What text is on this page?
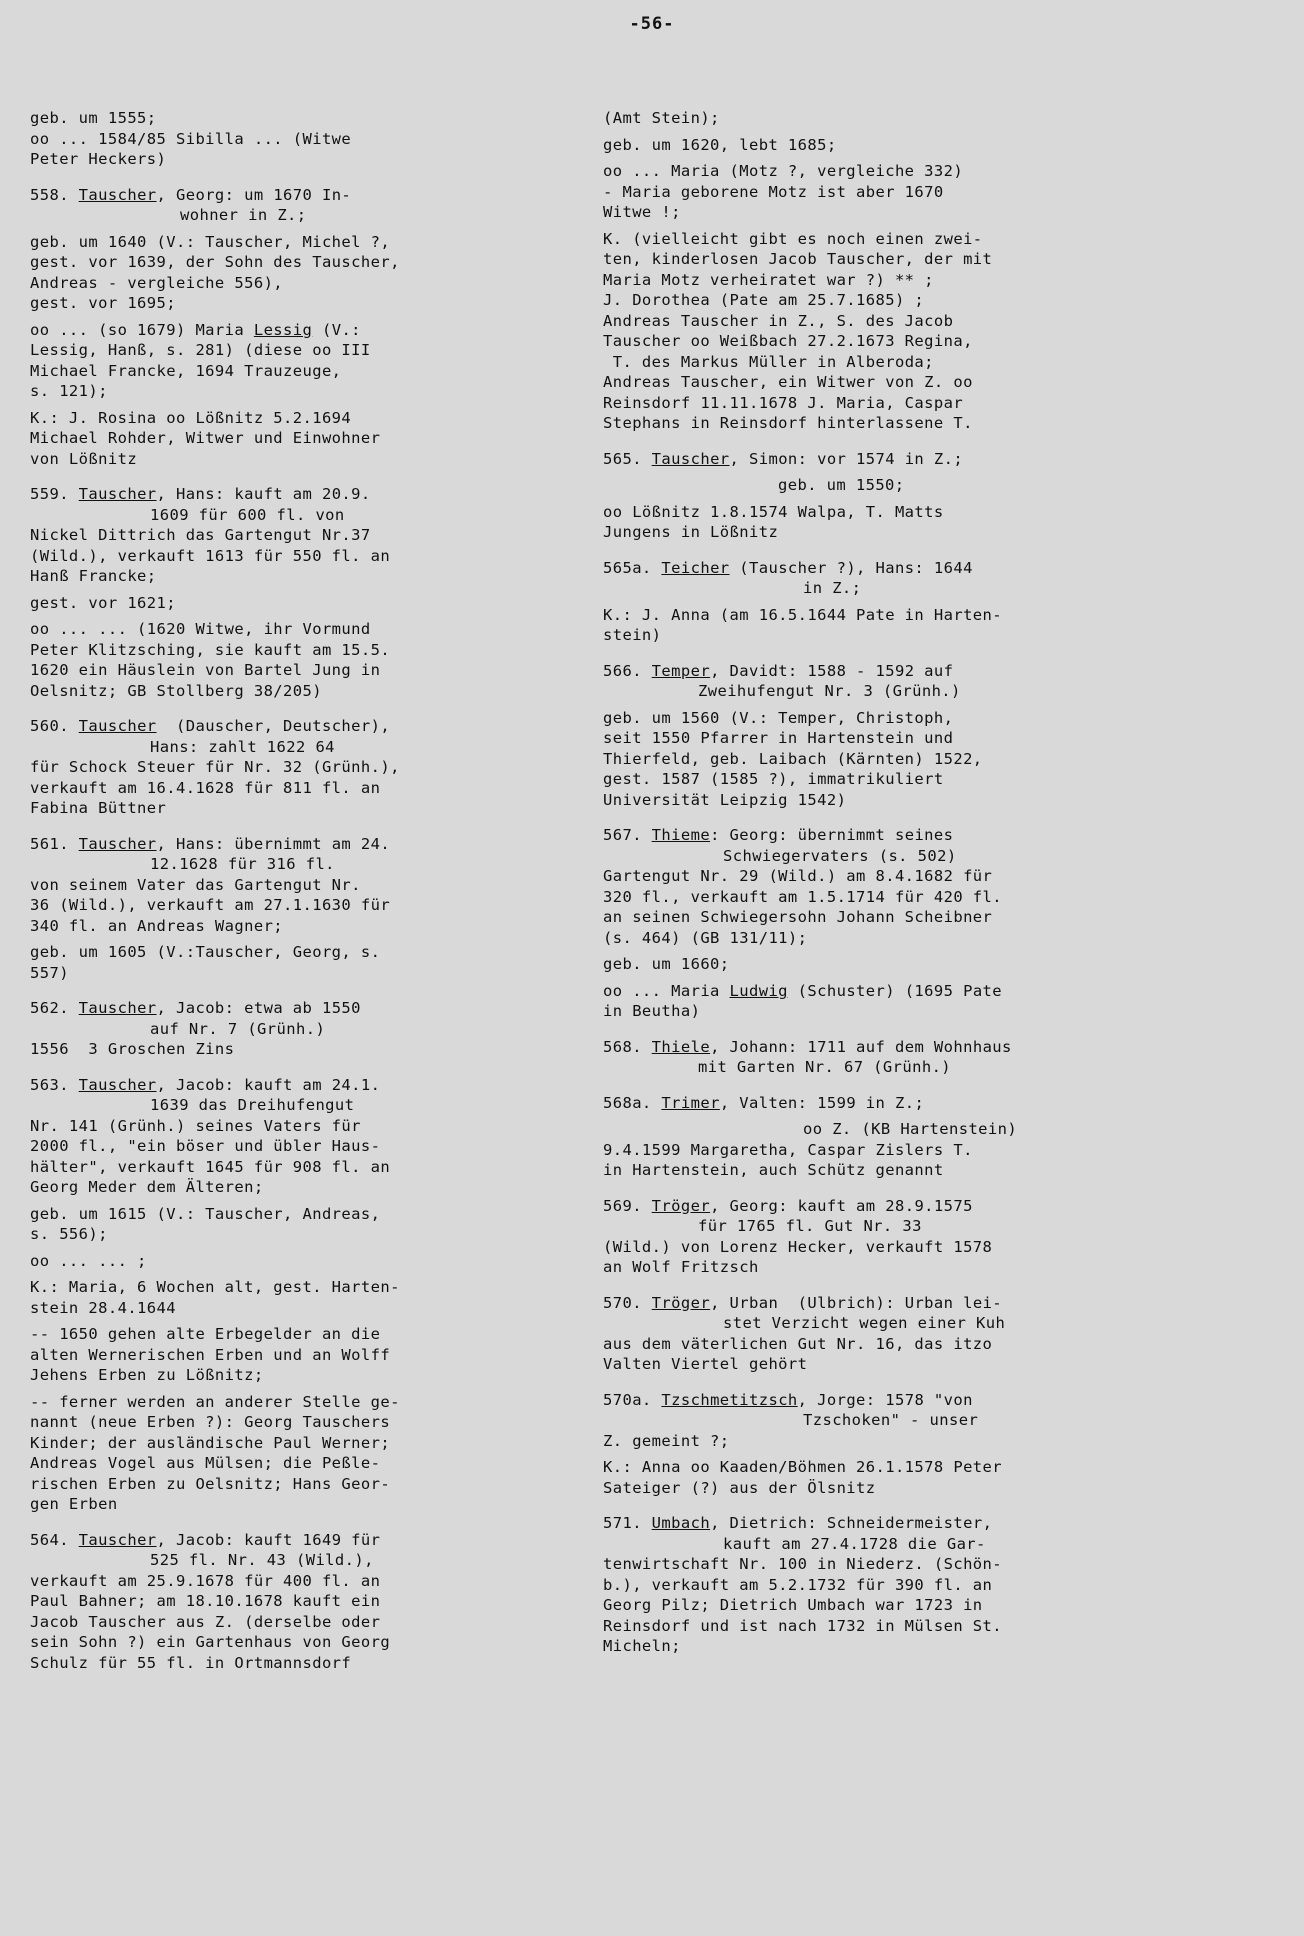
-56-
geb. um 1555;
oo ... 1584/85 Sibilla ... (Witwe
Peter Heckers)
558. Tauscher, Georg: um 1670 In-
wohner in Z.;
geb. um 1640 (V.: Tauscher, Michel ?,
gest. vor 1639, der Sohn des Tauscher,
Andreas - vergleiche 556),
gest. vor 1695;
oo ... (so 1679) Maria Lessig (V.:
Lessig, Hanß, s. 281) (diese oo III
Michael Francke, 1694 Trauzeuge,
s. 121);
K.: J. Rosina oo Lößnitz 5.2.1694
Michael Rohder, Witwer und Einwohner
von Lößnitz
559. Tauscher, Hans: kauft am 20.9.
1609 für 600 fl. von
Nickel Dittrich das Gartengut Nr.37
(Wild.), verkauft 1613 für 550 fl. an
Hanß Francke;
gest. vor 1621;
oo ... ... (1620 Witwe, ihr Vormund
Peter Klitzsching, sie kauft am 15.5.
1620 ein Häuslein von Bartel Jung in
Oelsnitz; GB Stollberg 38/205)
560. Tauscher  (Dauscher, Deutscher),
Hans: zahlt 1622 64
für Schock Steuer für Nr. 32 (Grünh.),
verkauft am 16.4.1628 für 811 fl. an
Fabina Büttner
561. Tauscher, Hans: übernimmt am 24.
12.1628 für 316 fl.
von seinem Vater das Gartengut Nr.
36 (Wild.), verkauft am 27.1.1630 für
340 fl. an Andreas Wagner;
geb. um 1605 (V.:Tauscher, Georg, s.
557)
562. Tauscher, Jacob: etwa ab 1550
auf Nr. 7 (Grünh.)
1556  3 Groschen Zins
563. Tauscher, Jacob: kauft am 24.1.
1639 das Dreihufengut
Nr. 141 (Grünh.) seines Vaters für
2000 fl., "ein böser und übler Haus-
hälter", verkauft 1645 für 908 fl. an
Georg Meder dem Älteren;
geb. um 1615 (V.: Tauscher, Andreas,
s. 556);
oo ... ... ;
K.: Maria, 6 Wochen alt, gest. Harten-
stein 28.4.1644
-- 1650 gehen alte Erbegelder an die
alten Wernerischen Erben und an Wolff
Jehens Erben zu Lößnitz;
-- ferner werden an anderer Stelle ge-
nannt (neue Erben ?): Georg Tauschers
Kinder; der ausländische Paul Werner;
Andreas Vogel aus Mülsen; die Peßle-
rischen Erben zu Oelsnitz; Hans Geor-
gen Erben
564. Tauscher, Jacob: kauft 1649 für
525 fl. Nr. 43 (Wild.),
verkauft am 25.9.1678 für 400 fl. an
Paul Bahner; am 18.10.1678 kauft ein
Jacob Tauscher aus Z. (derselbe oder
sein Sohn ?) ein Gartenhaus von Georg
Schulz für 55 fl. in Ortmannsdorf
(Amt Stein);
geb. um 1620, lebt 1685;
oo ... Maria (Motz ?, vergleiche 332)
- Maria geborene Motz ist aber 1670
Witwe !;
K. (vielleicht gibt es noch einen zwei-
ten, kinderlosen Jacob Tauscher, der mit
Maria Motz verheiratet war ?) ** ;
J. Dorothea (Pate am 25.7.1685) ;
Andreas Tauscher in Z., S. des Jacob
Tauscher oo Weißbach 27.2.1673 Regina,
T. des Markus Müller in Alberoda;
Andreas Tauscher, ein Witwer von Z. oo
Reinsdorf 11.11.1678 J. Maria, Caspar
Stephans in Reinsdorf hinterlassene T.
565. Tauscher, Simon: vor 1574 in Z.;
geb. um 1550;
oo Lößnitz 1.8.1574 Walpa, T. Matts
Jungens in Lößnitz
565a. Teicher (Tauscher ?), Hans: 1644
in Z.;
K.: J. Anna (am 16.5.1644 Pate in Harten-
stein)
566. Temper, Davidt: 1588 - 1592 auf
Zweihufengut Nr. 3 (Grünh.)
geb. um 1560 (V.: Temper, Christoph,
seit 1550 Pfarrer in Hartenstein und
Thierfeld, geb. Laibach (Kärnten) 1522,
gest. 1587 (1585 ?), immatrikuliert
Universität Leipzig 1542)
567. Thieme: Georg: übernimmt seines
Schwiegervaters (s. 502)
Gartengut Nr. 29 (Wild.) am 8.4.1682 für
320 fl., verkauft am 1.5.1714 für 420 fl.
an seinen Schwiegersohn Johann Scheibner
(s. 464) (GB 131/11);
geb. um 1660;
oo ... Maria Ludwig (Schuster) (1695 Pate
in Beutha)
568. Thiele, Johann: 1711 auf dem Wohnhaus
mit Garten Nr. 67 (Grünh.)
568a. Trimer, Valten: 1599 in Z.;
oo Z. (KB Hartenstein)
9.4.1599 Margaretha, Caspar Zislers T.
in Hartenstein, auch Schütz genannt
569. Tröger, Georg: kauft am 28.9.1575
für 1765 fl. Gut Nr. 33
(Wild.) von Lorenz Hecker, verkauft 1578
an Wolf Fritzsch
570. Tröger, Urban  (Ulbrich): Urban lei-
stet Verzicht wegen einer Kuh
aus dem väterlichen Gut Nr. 16, das itzo
Valten Viertel gehört
570a. Tzschmetitzsch, Jorge: 1578 "von
Tzschoken" - unser
Z. gemeint ?;
K.: Anna oo Kaaden/Böhmen 26.1.1578 Peter
Sateiger (?) aus der Ölsnitz
571. Umbach, Dietrich: Schneidermeister,
kauft am 27.4.1728 die Gar-
tenwirtschaft Nr. 100 in Niederz. (Schön-
b.), verkauft am 5.2.1732 für 390 fl. an
Georg Pilz; Dietrich Umbach war 1723 in
Reinsdorf und ist nach 1732 in Mülsen St.
Micheln;
